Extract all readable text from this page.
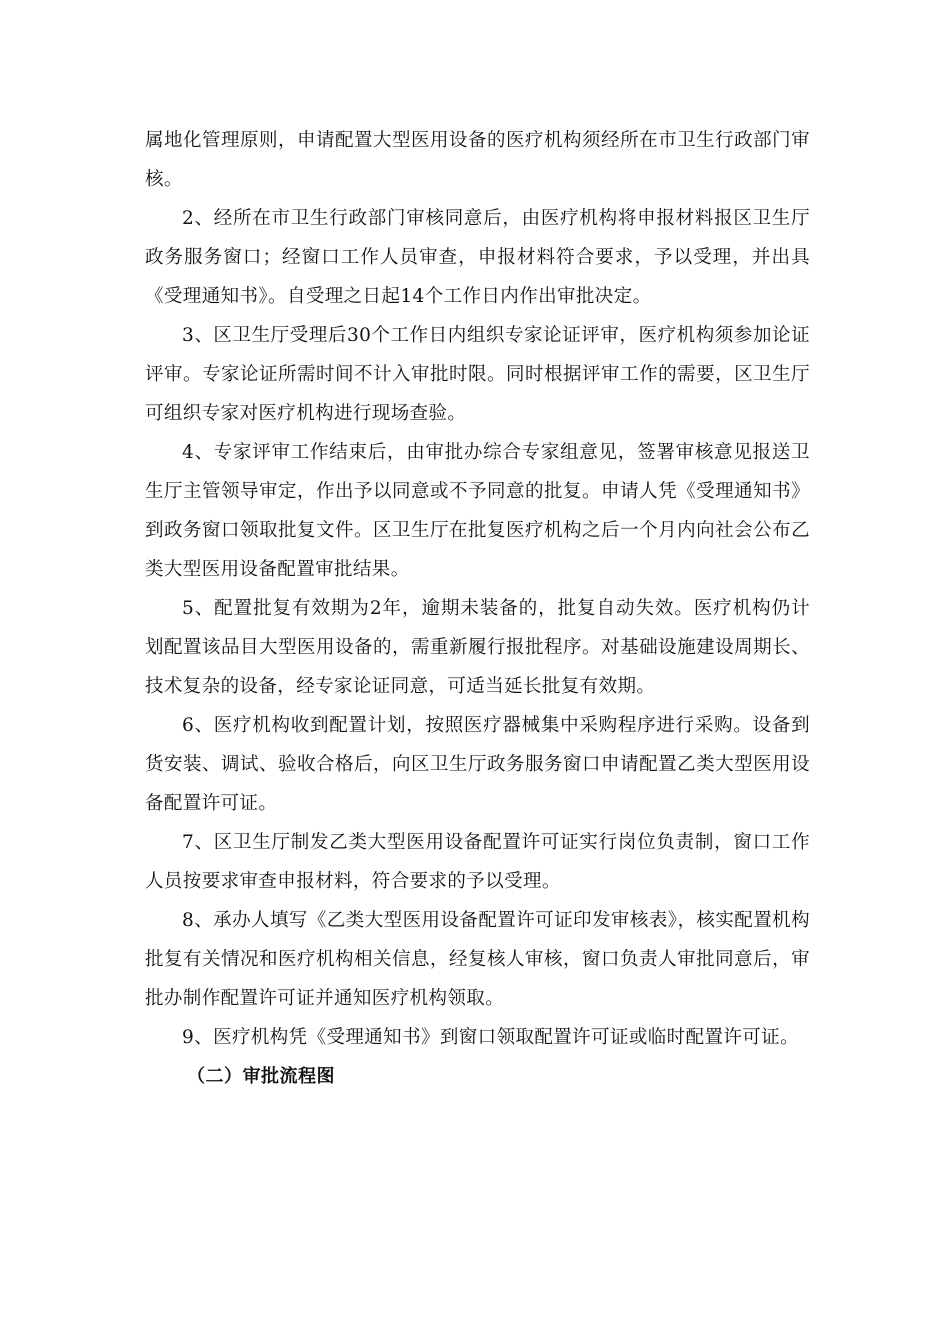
属地化管理原则，申请配置大型医用设备的医疗机构须经所在市卫生行政部门审核。

2、经所在市卫生行政部门审核同意后，由医疗机构将申报材料报区卫生厅政务服务窗口；经窗口工作人员审查，申报材料符合要求，予以受理，并出具《受理通知书》。自受理之日起14个工作日内作出审批决定。

3、区卫生厅受理后30个工作日内组织专家论证评审，医疗机构须参加论证评审。专家论证所需时间不计入审批时限。同时根据评审工作的需要，区卫生厅可组织专家对医疗机构进行现场查验。

4、专家评审工作结束后，由审批办综合专家组意见，签署审核意见报送卫生厅主管领导审定，作出予以同意或不予同意的批复。申请人凭《受理通知书》到政务窗口领取批复文件。区卫生厅在批复医疗机构之后一个月内向社会公布乙类大型医用设备配置审批结果。

5、配置批复有效期为2年，逾期未装备的，批复自动失效。医疗机构仍计划配置该品目大型医用设备的，需重新履行报批程序。对基础设施建设周期长、技术复杂的设备，经专家论证同意，可适当延长批复有效期。

6、医疗机构收到配置计划，按照医疗器械集中采购程序进行采购。设备到货安装、调试、验收合格后，向区卫生厅政务服务窗口申请配置乙类大型医用设备配置许可证。

7、区卫生厅制发乙类大型医用设备配置许可证实行岗位负责制，窗口工作人员按要求审查申报材料，符合要求的予以受理。

8、承办人填写《乙类大型医用设备配置许可证印发审核表》，核实配置机构批复有关情况和医疗机构相关信息，经复核人审核，窗口负责人审批同意后，审批办制作配置许可证并通知医疗机构领取。

9、医疗机构凭《受理通知书》到窗口领取配置许可证或临时配置许可证。

（二）审批流程图
